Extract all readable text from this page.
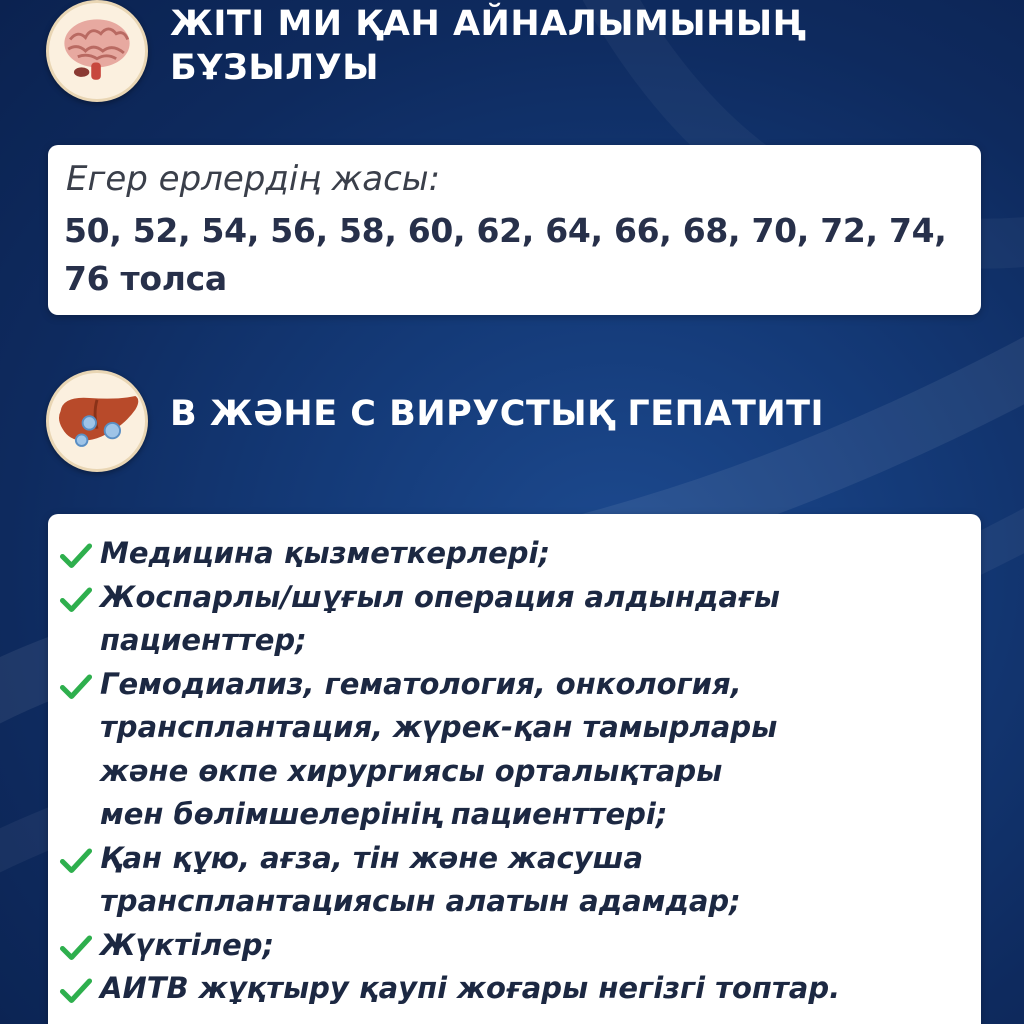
ЖІТІ МИ ҚАН АЙНАЛЫМЫНЫҢ
БҰЗЫЛУЫ
Егер ерлердің жасы:
50, 52, 54, 56, 58, 60, 62, 64, 66, 68, 70, 72, 74, 76 толса
В ЖӘНЕ С ВИРУСТЫҚ ГЕПАТИТІ
Медицина қызметкерлері;
Жоспарлы/шұғыл операция алдындағы
пациенттер;
Гемодиализ, гематология, онкология,
трансплантация, жүрек-қан тамырлары
және өкпе хирургиясы орталықтары
мен бөлімшелерінің пациенттері;
Қан құю, ағза, тін және жасуша
трансплантациясын алатын адамдар;
Жүктілер;
АИТВ жұқтыру қаупі жоғары негізгі топтар.
